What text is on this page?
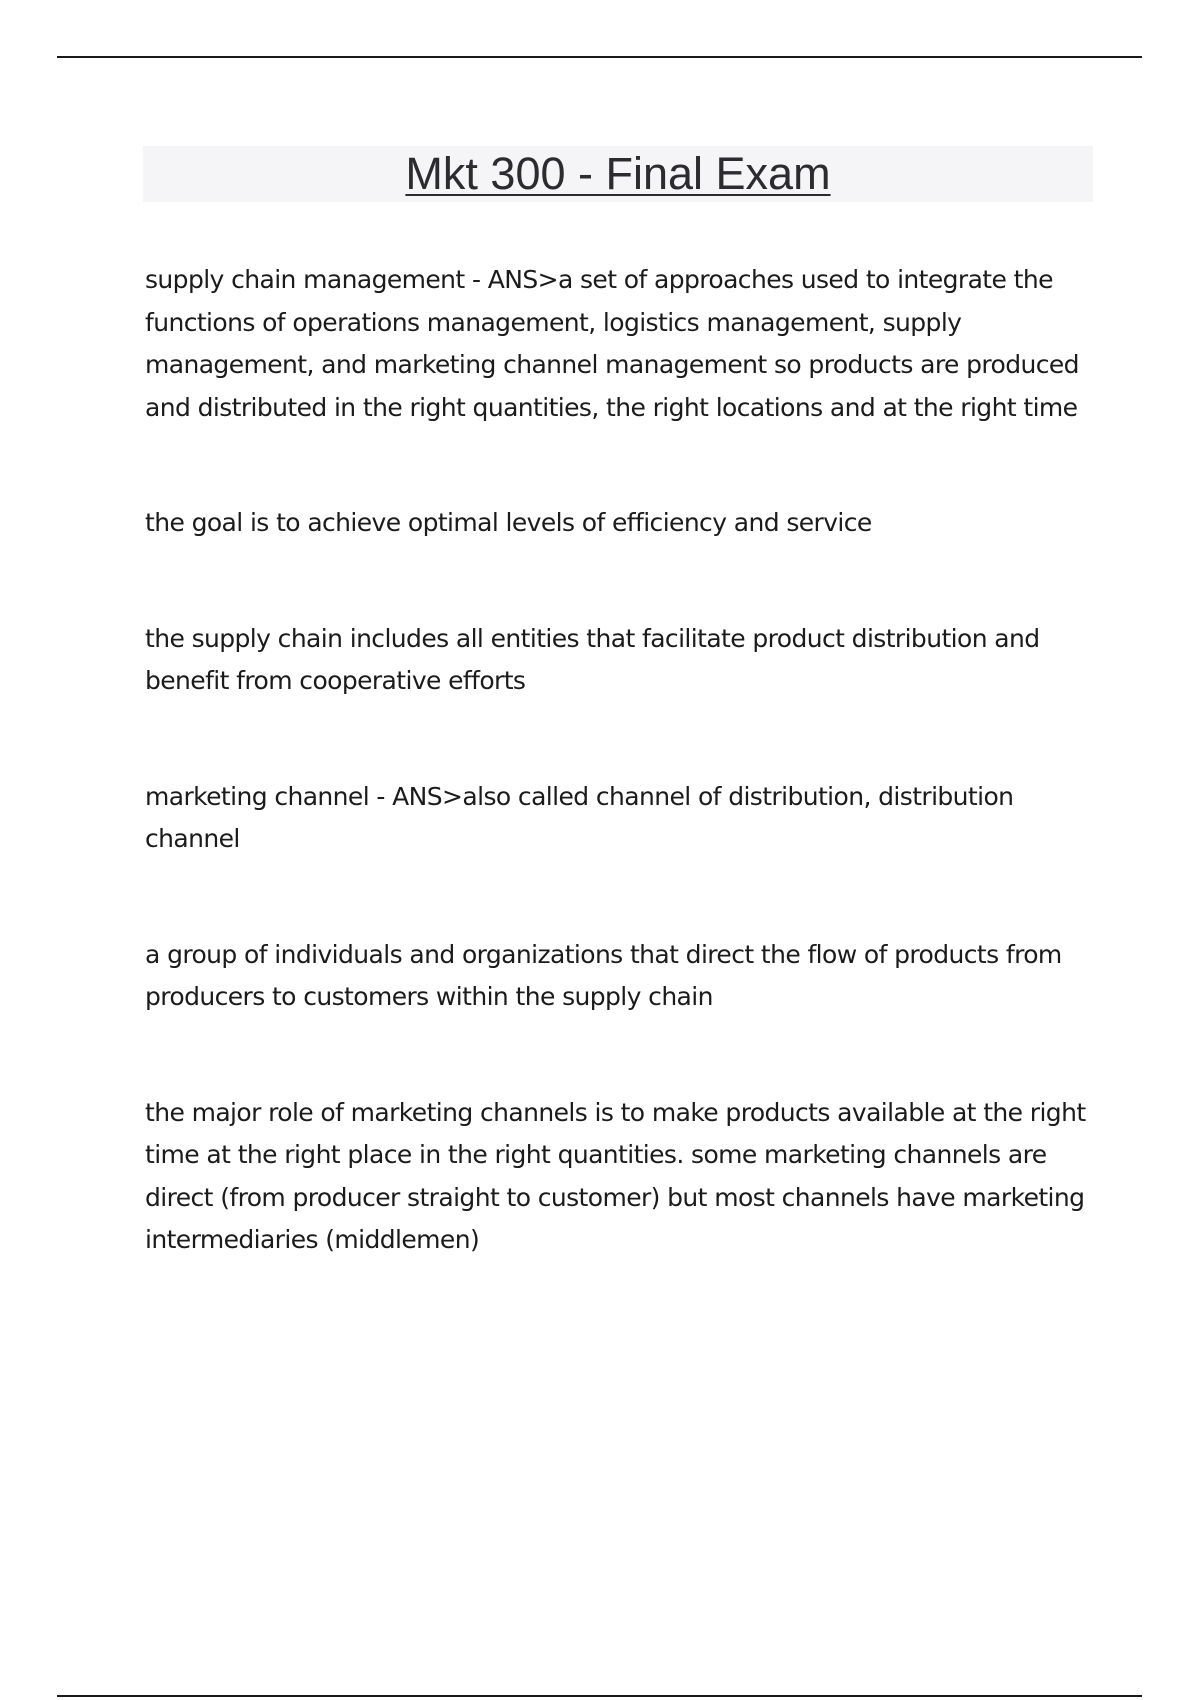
Mkt 300 - Final Exam

supply chain management - ANS>a set of approaches used to integrate the functions of operations management, logistics management, supply management, and marketing channel management so products are produced and distributed in the right quantities, the right locations and at the right time

the goal is to achieve optimal levels of efficiency and service

the supply chain includes all entities that facilitate product distribution and benefit from cooperative efforts

marketing channel - ANS>also called channel of distribution, distribution channel

a group of individuals and organizations that direct the flow of products from producers to customers within the supply chain

the major role of marketing channels is to make products available at the right time at the right place in the right quantities. some marketing channels are direct (from producer straight to customer) but most channels have marketing intermediaries (middlemen)
